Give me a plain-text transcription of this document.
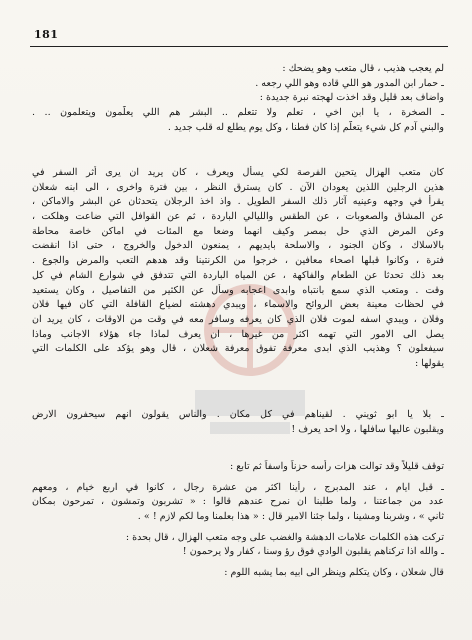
181
لم يعجب هذيب ، قال متعب وهو يضحك :
ـ حمار ابن المدور هو اللي قاده وهو اللي رجعه .
واضاف بعد قليل وقد اخذت لهجته نبرة جديدة :
ـ الصخرة ، يا ابن اخي ، تعلم ولا تتعلم .. البشر هم اللي يعلّمون ويتعلمون .. .
والبني آدم كل شيء يتعلّم إذا كان فطنا ، وكل يوم يطلع له قلب جديد .
كان متعب الهزال يتحين الفرصة لكي يسأل ويعرف ، كان يريد ان يرى أثر السفر في
هذين الرجلين اللذين يعودان الآن . كان يسترق النظر ، بين فترة واخرى ، الى ابنه شعلان
يقرأ في وجهه وعينيه آثار ذلك السفر الطويل . واذ اخذ الرجلان يتحدثان عن البشر والاماكن ،
عن المشاق والصعوبات ، عن الطقس والليالي الباردة ، ثم عن القوافل التي ضاعت وهلكت ،
وعن المرض الذي حل بمصر وكيف انهما وضعا مع المئات في اماكن خاصة محاطة
بالاسلاك ، وكان الجنود ، والاسلحة بايديهم ، يمنعون الدخول والخروج ، حتى اذا انقضت
فترة ، وكانوا قبلها اصحاء معافين ، خرجوا من الكرنتينا وقد هدهم التعب والمرض والجوع .
بعد ذلك تحدثا عن الطعام والفاكهة ، عن المياه الباردة التي تتدفق في شوارع الشام في كل
وقت . ومتعب الذي سمع بانتباه وابدى اعجابه وسأل عن الكثير من التفاصيل ، وكان يستعيد
في لحظات معينة بعض الروائح والاسماء ، ويبدي دهشته لضياع القافلة التي كان فيها فلان
وفلان ، ويبدي اسفه لموت فلان الذي كان يعرفه وسافر معه في وقت من الاوقات ، كان يريد ان
يصل الى الامور التي تهمه اكثر من غيرها ، ان يعرف لماذا جاء هؤلاء الاجانب وماذا
سيفعلون ؟ وهذيب الذي ابدى معرفة تفوق معرفة شعلان ، قال وهو يؤكد على الكلمات التي
يقولها :
ـ بلا يا ابو ثويني . لقيناهم في كل مكان . والناس يقولون انهم سيحفرون الارض
ويقلبون عاليها سافلها ، ولا احد يعرف !
توقف قليلاً وقد توالت هزات رأسه حزناً واسفاً ثم تابع :
ـ قبل ايام ، عند المدبرج ، رأينا اكثر من عشرة رجال ، كانوا في اربع خيام ، ومعهم
عدد من جماعتنا ، ولما طلبنا ان نمرح عندهم قالوا : « تشربون وتمشون ، تمرحون بمكان
ثاني » ، وشربنا ومشينا ، ولما جئنا الامير قال : « هذا بعلمنا وما لكم لازم ! » .
تركت هذه الكلمات علامات الدهشة والغضب على وجه متعب الهزال ، قال بحدة :
ـ والله اذا تركناهم يقلبون الوادي فوق رؤ وسنا ، كفار ولا يرحمون !
قال شعلان ، وكان يتكلم وينظر الى ابيه بما يشبه اللوم :
